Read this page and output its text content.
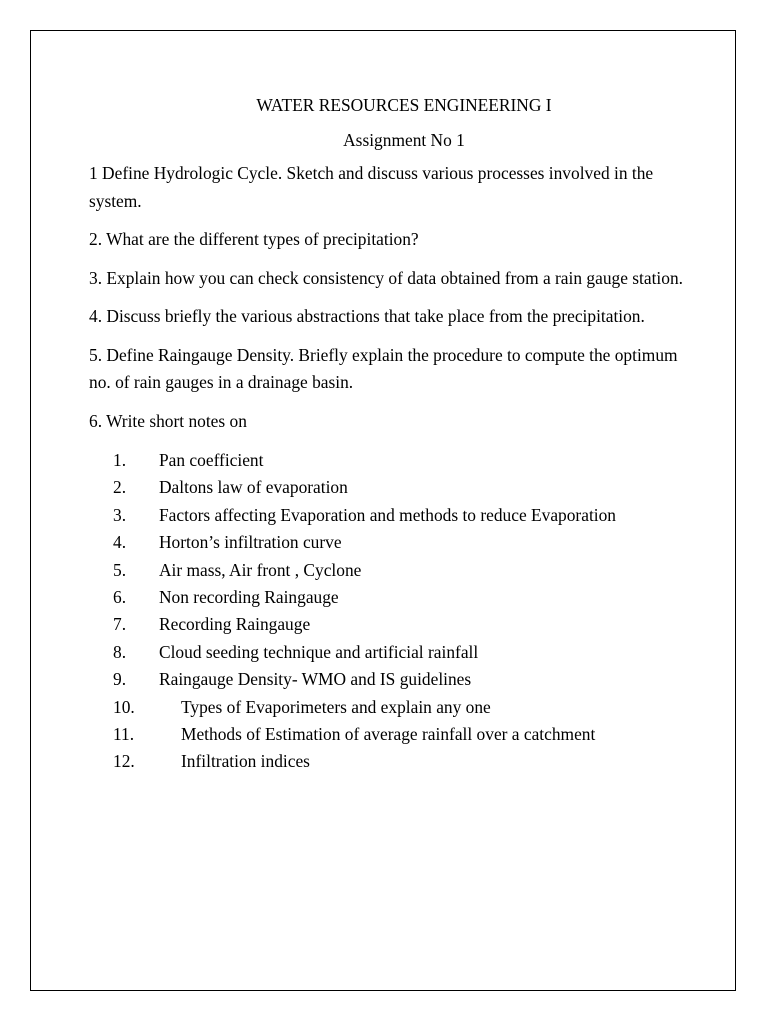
WATER RESOURCES ENGINEERING I
Assignment No 1
1 Define Hydrologic Cycle. Sketch and discuss various processes involved in the system.
2. What are the different types of precipitation?
3. Explain how you can check consistency of data obtained from a rain gauge station.
4. Discuss briefly the various abstractions that take place from the precipitation.
5. Define Raingauge Density. Briefly explain the procedure to compute the optimum no. of rain gauges in a drainage basin.
6. Write short notes on
1.	Pan coefficient
2.	Daltons law of evaporation
3.	Factors affecting Evaporation and methods to reduce Evaporation
4.	Horton’s infiltration curve
5.	Air mass, Air front , Cyclone
6.	Non recording Raingauge
7.	Recording Raingauge
8.	Cloud seeding technique and artificial rainfall
9.	Raingauge Density- WMO and IS guidelines
10.	Types of Evaporimeters and explain any one
11.	Methods of Estimation of average rainfall over a catchment
12.	Infiltration indices
